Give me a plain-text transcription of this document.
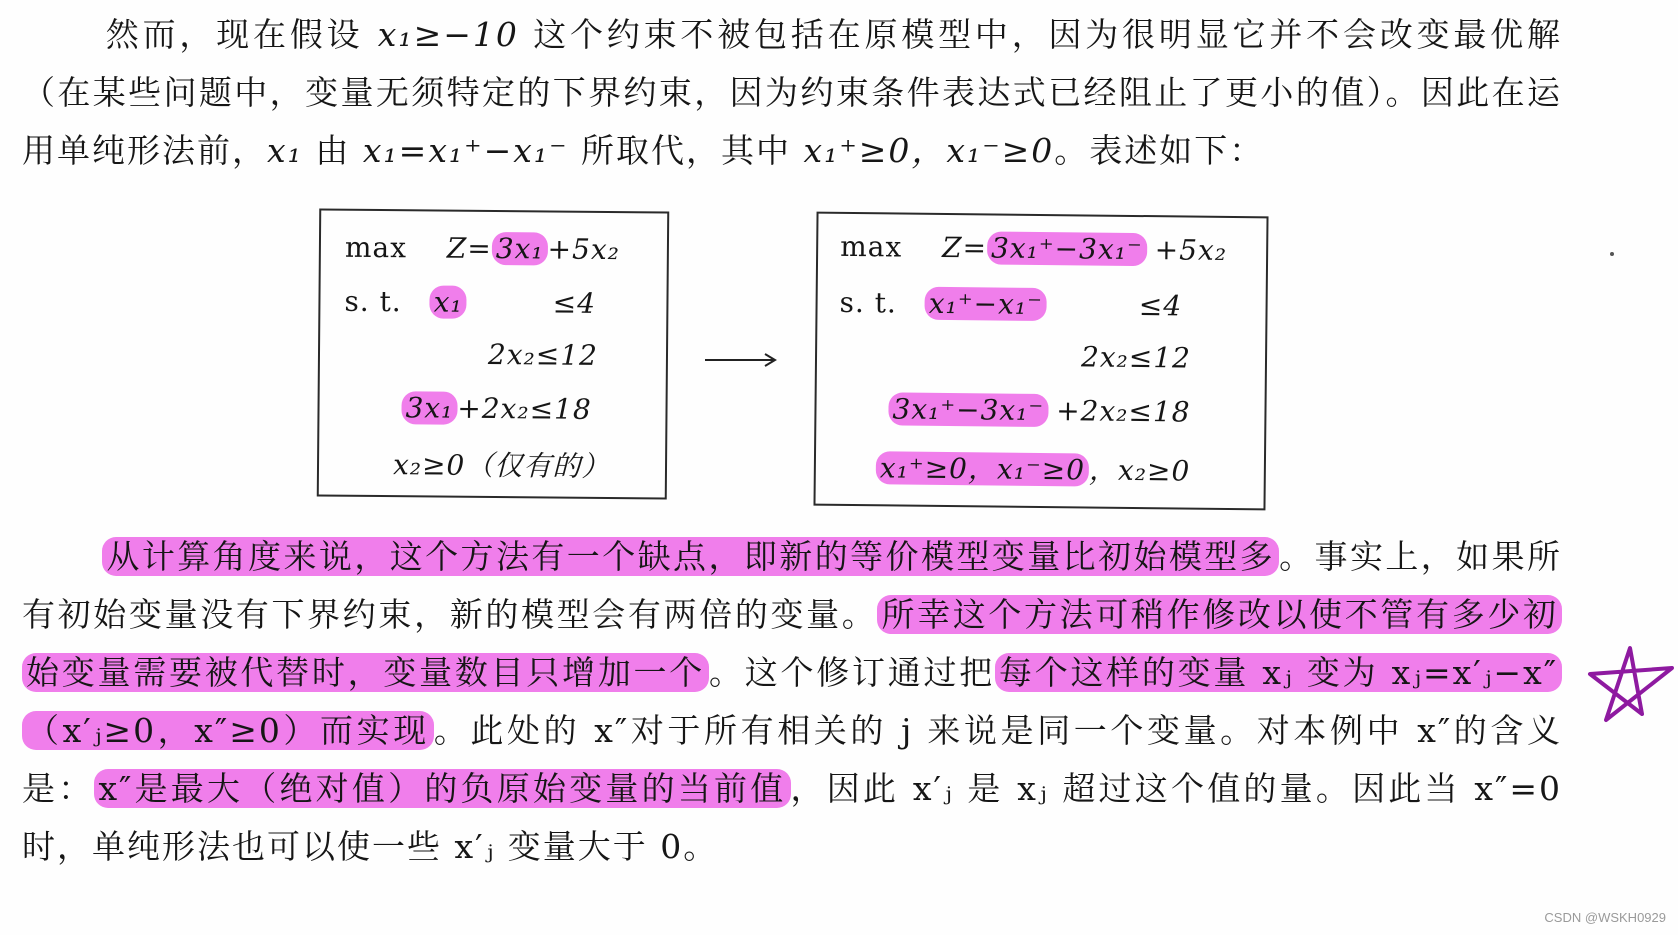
然而，现在假设 x₁≥−10 这个约束不被包括在原模型中，因为很明显它并不会改变最优解（在某些问题中，变量无须特定的下界约束，因为约束条件表达式已经阻止了更小的值）。因此在运用单纯形法前，x₁ 由 x₁=x₁⁺−x₁⁻ 所取代，其中 x₁⁺≥0，x₁⁻≥0。表述如下：

max Z= 3x₁ +5x₂
s. t. x₁	≤4
2x₂≤12
3x₁ +2x₂≤18
x₂≥0（仅有的）
max Z= 3x₁⁺−3x₁⁻ +5x₂
s. t. x₁⁺−x₁⁻	≤4
2x₂≤12
3x₁⁺−3x₁⁻ +2x₂≤18
x₁⁺≥0，x₁⁻≥0 ，x₂≥0

从计算角度来说，这个方法有一个缺点，即新的等价模型变量比初始模型多 。事实上，如果所有初始变量没有下界约束，新的模型会有两倍的变量。 所幸这个方法可稍作修改以使不管有多少初始变量需要被代替时，变量数目只增加一个 。这个修订通过把 每个这样的变量 xⱼ 变为 xⱼ=x′ⱼ−x″（x′ⱼ≥0，x″≥0）而实现 。此处的 x″对于所有相关的 j 来说是同一个变量。对本例中 x″的含义是： x″是最大（绝对值）的负原始变量的当前值 ，因此 x′ⱼ 是 xⱼ 超过这个值的量。因此当 x″=0 时，单纯形法也可以使一些 x′ⱼ 变量大于 0。

CSDN @WSKH0929
